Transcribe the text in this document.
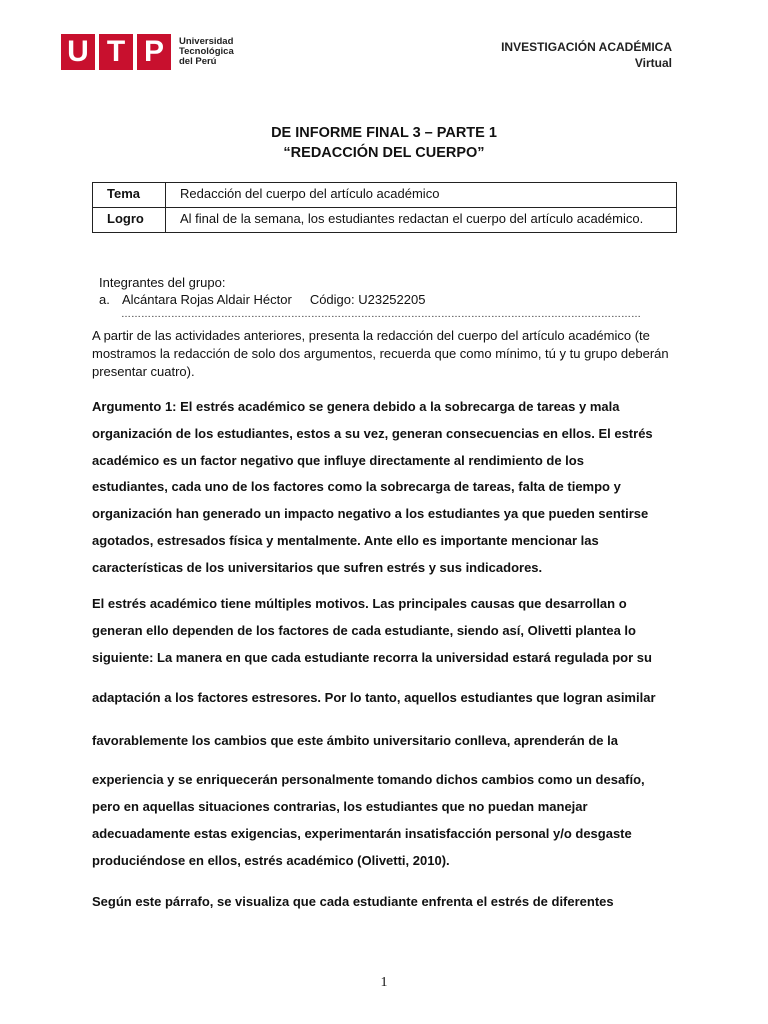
U T P	Universidad
Tecnológica
del Perú
INVESTIGACIÓN ACADÉMICA
Virtual
DE INFORME FINAL 3 – PARTE 1
“REDACCIÓN DEL CUERPO”
Tema	Redacción del cuerpo del artículo académico
Logro	Al final de la semana, los estudiantes redactan el cuerpo del artículo académico.
Integrantes del grupo:
a. Alcántara Rojas Aldair Héctor Código: U23252205
…………………………………………………………………………………………………………………………………………
A partir de las actividades anteriores, presenta la redacción del cuerpo del artículo académico (te mostramos la redacción de solo dos argumentos, recuerda que como mínimo, tú y tu grupo deberán presentar cuatro).
Argumento 1: El estrés académico se genera debido a la sobrecarga de tareas y mala
organización de los estudiantes, estos a su vez, generan consecuencias en ellos. El estrés
académico es un factor negativo que influye directamente al rendimiento de los
estudiantes, cada uno de los factores como la sobrecarga de tareas, falta de tiempo y
organización han generado un impacto negativo a los estudiantes ya que pueden sentirse
agotados, estresados física y mentalmente. Ante ello es importante mencionar las
características de los universitarios que sufren estrés y sus indicadores.
El estrés académico tiene múltiples motivos. Las principales causas que desarrollan o
generan ello dependen de los factores de cada estudiante, siendo así, Olivetti plantea lo
siguiente: La manera en que cada estudiante recorra la universidad estará regulada por su
adaptación a los factores estresores. Por lo tanto, aquellos estudiantes que logran asimilar
favorablemente los cambios que este ámbito universitario conlleva, aprenderán de la
experiencia y se enriquecerán personalmente tomando dichos cambios como un desafío,
pero en aquellas situaciones contrarias, los estudiantes que no puedan manejar
adecuadamente estas exigencias, experimentarán insatisfacción personal y/o desgaste
produciéndose en ellos, estrés académico (Olivetti, 2010).
Según este párrafo, se visualiza que cada estudiante enfrenta el estrés de diferentes
1
